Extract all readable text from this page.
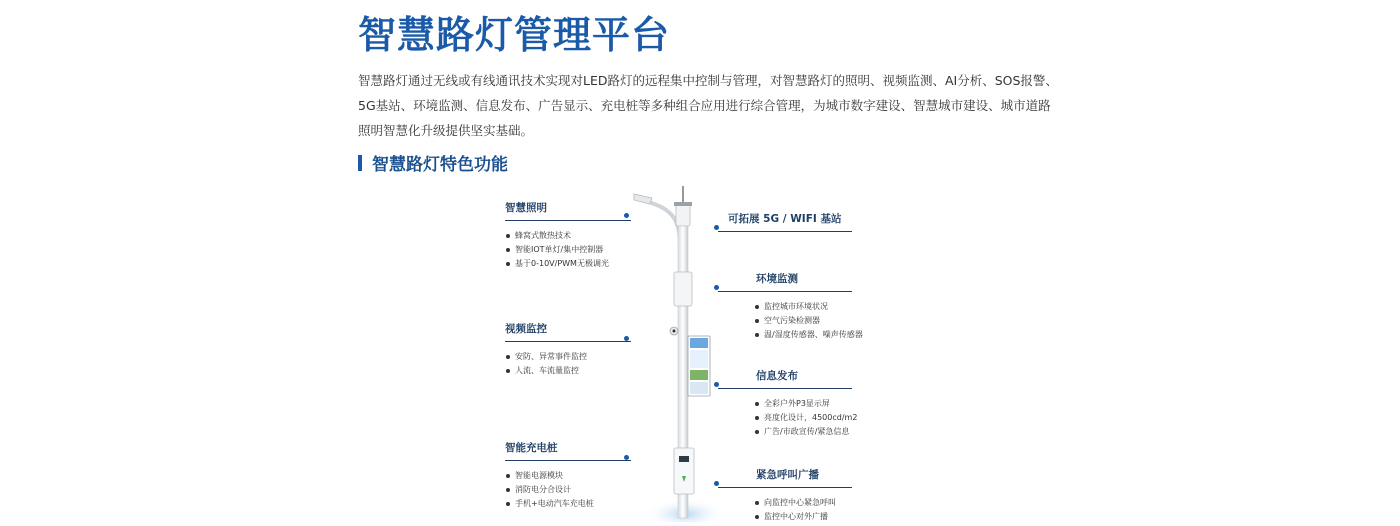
智慧路灯管理平台

智慧路灯通过无线或有线通讯技术实现对LED路灯的远程集中控制与管理，对智慧路灯的照明、视频监测、AI分析、SOS报警、5G基站、环境监测、信息发布、广告显示、充电桩等多种组合应用进行综合管理，为城市数字建设、智慧城市建设、城市道路照明智慧化升级提供坚实基础。

智慧路灯特色功能
智慧照明
蜂窝式散热技术
智能IOT单灯/集中控制器
基于0-10V/PWM无极调光
视频监控
安防、异常事件监控
人流、车流量监控
智能充电桩
智能电源模块
消防电分合设计
手机+电动汽车充电桩
可拓展 5G / WIFI 基站
环境监测
监控城市环境状况
空气污染检测器
温/湿度传感器、噪声传感器
信息发布
全彩户外P3显示屏
亮度化设计，4500cd/m2
广告/市政宣传/紧急信息
紧急呼叫广播
向监控中心紧急呼叫
监控中心对外广播
